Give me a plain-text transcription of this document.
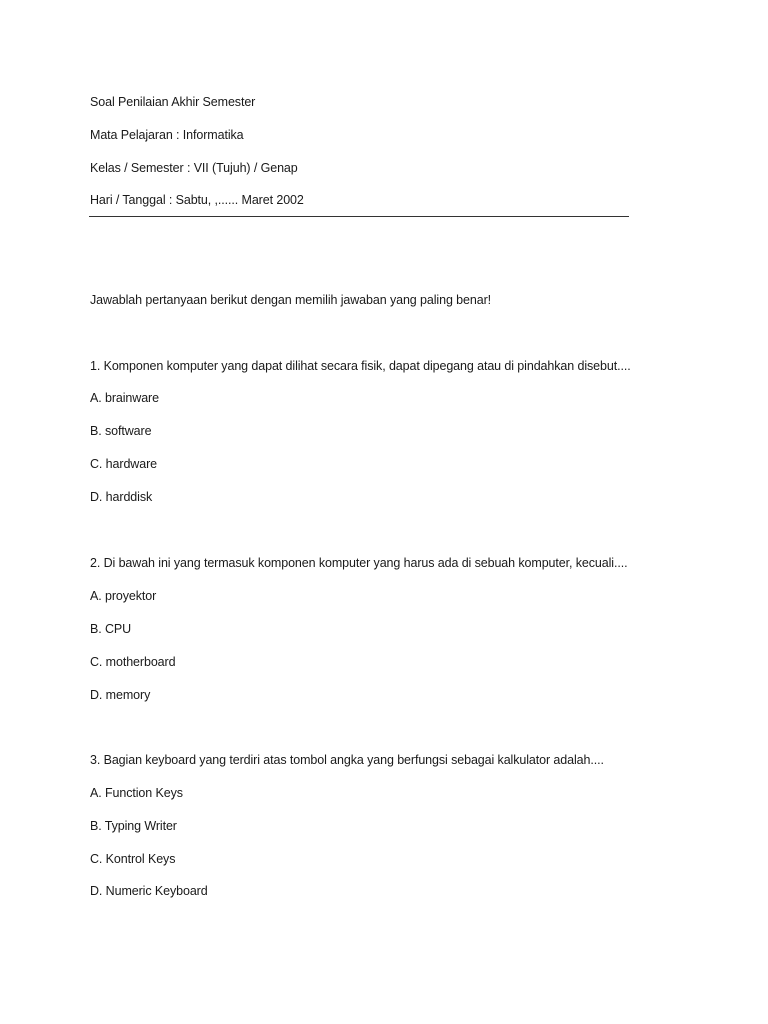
Soal Penilaian Akhir Semester
Mata Pelajaran : Informatika
Kelas / Semester : VII (Tujuh) / Genap
Hari / Tanggal : Sabtu, ,...... Maret 2002
Jawablah pertanyaan berikut dengan memilih jawaban yang paling benar!
1. Komponen komputer yang dapat dilihat secara fisik, dapat dipegang atau di pindahkan disebut....
A. brainware
B. software
C. hardware
D. harddisk
2. Di bawah ini yang termasuk komponen komputer yang harus ada di sebuah komputer, kecuali....
A. proyektor
B. CPU
C. motherboard
D. memory
3. Bagian keyboard yang terdiri atas tombol angka yang berfungsi sebagai kalkulator adalah....
A. Function Keys
B. Typing Writer
C. Kontrol Keys
D. Numeric Keyboard
